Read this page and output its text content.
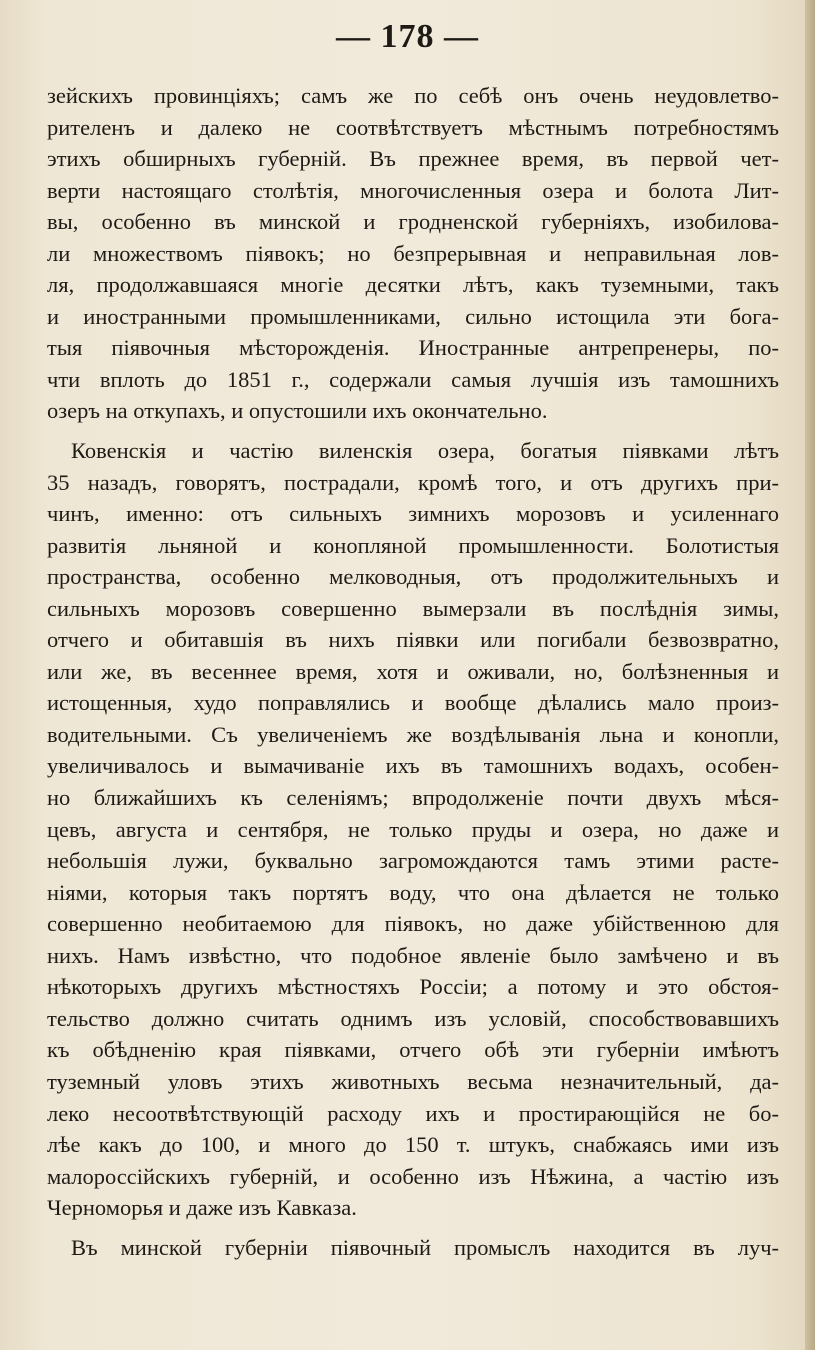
— 178 —
зейскихъ провинціяхъ; самъ же по себѣ онъ очень неудовлетво-
рителенъ и далеко не соотвѣтствуетъ мѣстнымъ потребностямъ
этихъ обширныхъ губерній. Въ прежнее время, въ первой чет-
верти настоящаго столѣтія, многочисленныя озера и болота Лит-
вы, особенно въ минской и гродненской губерніяхъ, изобилова-
ли множествомъ піявокъ; но безпрерывная и неправильная лов-
ля, продолжавшаяся многіе десятки лѣтъ, какъ туземными, такъ
и иностранными промышленниками, сильно истощила эти бога-
тыя піявочныя мѣсторожденія. Иностранные антрепренеры, по-
чти вплоть до 1851 г., содержали самыя лучшія изъ тамошнихъ
озеръ на откупахъ, и опустошили ихъ окончательно.
Ковенскія и частію виленскія озера, богатыя піявками лѣтъ
35 назадъ, говорятъ, пострадали, кромѣ того, и отъ другихъ при-
чинъ, именно: отъ сильныхъ зимнихъ морозовъ и усиленнаго
развитія льняной и конопляной промышленности. Болотистыя
пространства, особенно мелководныя, отъ продолжительныхъ и
сильныхъ морозовъ совершенно вымерзали въ послѣднія зимы,
отчего и обитавшія въ нихъ піявки или погибали безвозвратно,
или же, въ весеннее время, хотя и оживали, но, болѣзненныя и
истощенныя, худо поправлялись и вообще дѣлались мало произ-
водительными. Съ увеличеніемъ же воздѣлыванія льна и конопли,
увеличивалось и вымачиваніе ихъ въ тамошнихъ водахъ, особен-
но ближайшихъ къ селеніямъ; впродолженіе почти двухъ мѣся-
цевъ, августа и сентября, не только пруды и озера, но даже и
небольшія лужи, буквально загромождаются тамъ этими расте-
ніями, которыя такъ портятъ воду, что она дѣлается не только
совершенно необитаемою для піявокъ, но даже убійственною для
нихъ. Намъ извѣстно, что подобное явленіе было замѣчено и въ
нѣкоторыхъ другихъ мѣстностяхъ Россіи; а потому и это обстоя-
тельство должно считать однимъ изъ условій, способствовавшихъ
къ обѣдненію края піявками, отчего обѣ эти губерніи имѣютъ
туземный уловъ этихъ животныхъ весьма незначительный, да-
леко несоотвѣтствующій расходу ихъ и простирающійся не бо-
лѣе какъ до 100, и много до 150 т. штукъ, снабжаясь ими изъ
малороссійскихъ губерній, и особенно изъ Нѣжина, а частію изъ
Черноморья и даже изъ Кавказа.
Въ минской губерніи піявочный промыслъ находится въ луч-
